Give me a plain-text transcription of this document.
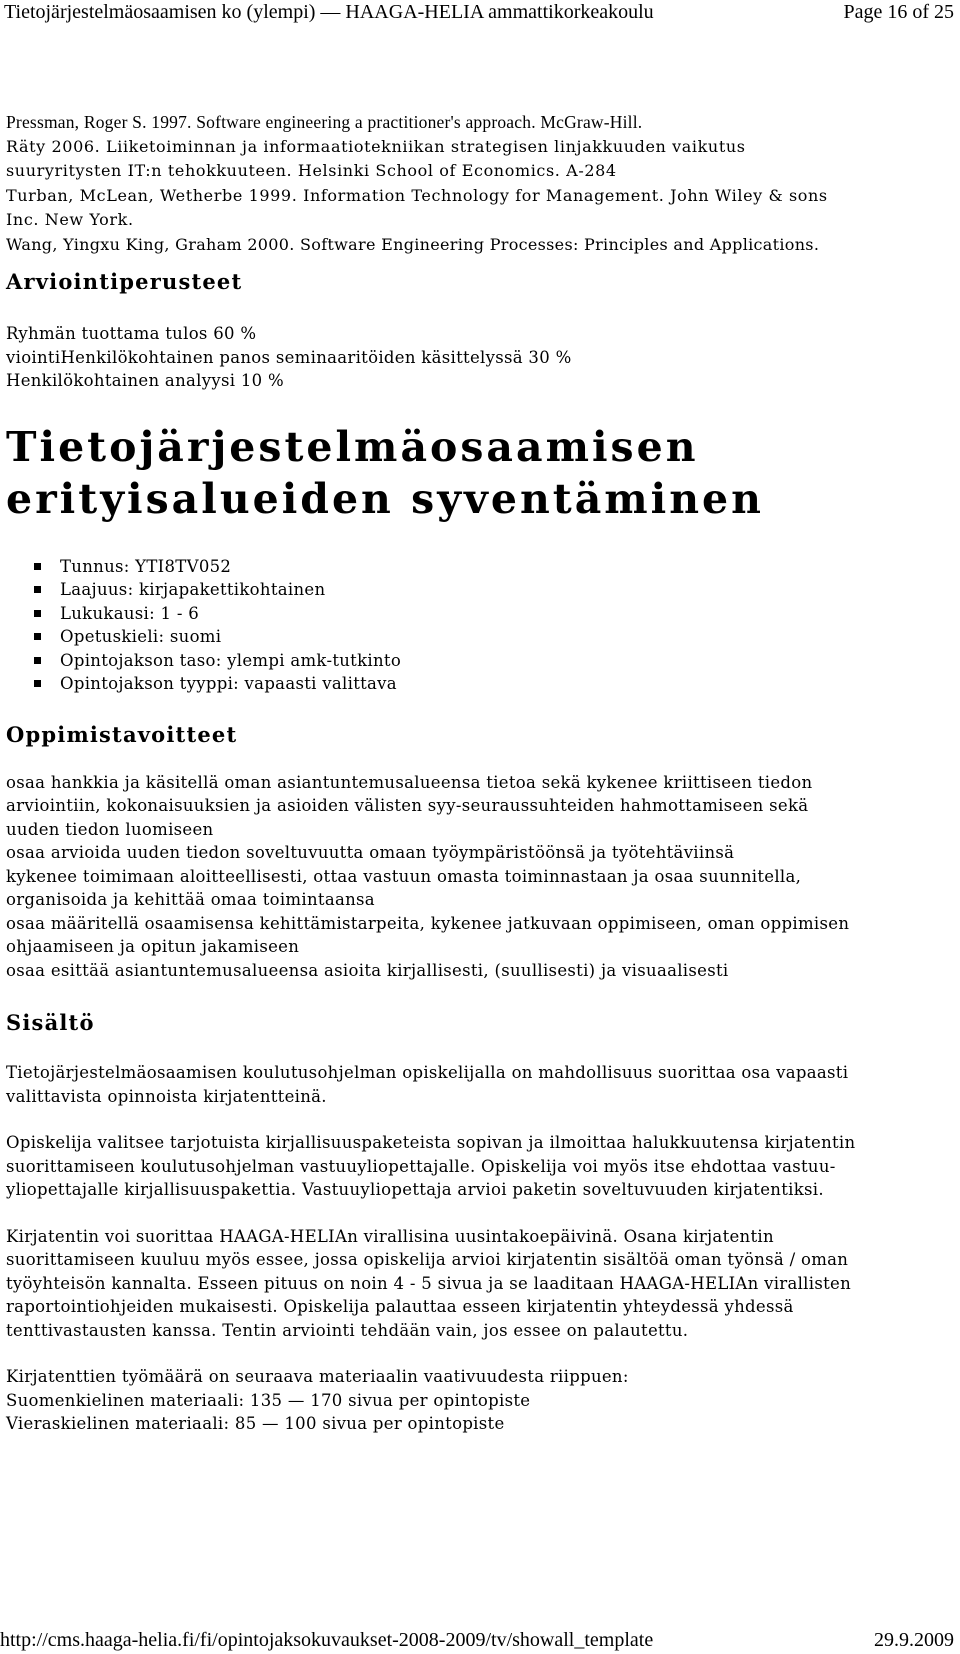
Tietojärjestelmäosaamisen ko (ylempi) — HAAGA-HELIA ammattikorkeakoulu	Page 16 of 25
Pressman, Roger S. 1997. Software engineering a practitioner's approach. McGraw-Hill.
Räty 2006. Liiketoiminnan ja informaatiotekniikan strategisen linjakkuuden vaikutus
suuryritysten IT:n tehokkuuteen. Helsinki School of Economics. A-284
Turban, McLean, Wetherbe 1999. Information Technology for Management. John Wiley & sons
Inc. New York.
Wang, Yingxu King, Graham 2000. Software Engineering Processes: Principles and Applications.
Arviointiperusteet
Ryhmän tuottama tulos 60 %
viointiHenkilökohtainen panos seminaaritöiden käsittelyssä 30 %
Henkilökohtainen analyysi 10 %
Tietojärjestelmäosaamisen
erityisalueiden syventäminen
Tunnus: YTI8TV052
Laajuus: kirjapakettikohtainen
Lukukausi: 1 - 6
Opetuskieli: suomi
Opintojakson taso: ylempi amk-tutkinto
Opintojakson tyyppi: vapaasti valittava
Oppimistavoitteet
osaa hankkia ja käsitellä oman asiantuntemusalueensa tietoa sekä kykenee kriittiseen tiedon
arviointiin, kokonaisuuksien ja asioiden välisten syy-seuraussuhteiden hahmottamiseen sekä
uuden tiedon luomiseen
osaa arvioida uuden tiedon soveltuvuutta omaan työympäristöönsä ja työtehtäviinsä
kykenee toimimaan aloitteellisesti, ottaa vastuun omasta toiminnastaan ja osaa suunnitella,
organisoida ja kehittää omaa toimintaansa
osaa määritellä osaamisensa kehittämistarpeita, kykenee jatkuvaan oppimiseen, oman oppimisen
ohjaamiseen ja opitun jakamiseen
osaa esittää asiantuntemusalueensa asioita kirjallisesti, (suullisesti) ja visuaalisesti
Sisältö

Tietojärjestelmäosaamisen koulutusohjelman opiskelijalla on mahdollisuus suorittaa osa vapaasti
valittavista opinnoista kirjatentteinä.

Opiskelija valitsee tarjotuista kirjallisuuspaketeista sopivan ja ilmoittaa halukkuutensa kirjatentin
suorittamiseen koulutusohjelman vastuuyliopettajalle. Opiskelija voi myös itse ehdottaa vastuu-
yliopettajalle kirjallisuuspakettia. Vastuuyliopettaja arvioi paketin soveltuvuuden kirjatentiksi.

Kirjatentin voi suorittaa HAAGA-HELIAn virallisina uusintakoepäivinä. Osana kirjatentin
suorittamiseen kuuluu myös essee, jossa opiskelija arvioi kirjatentin sisältöä oman työnsä / oman
työyhteisön kannalta. Esseen pituus on noin 4 - 5 sivua ja se laaditaan HAAGA-HELIAn virallisten
raportointiohjeiden mukaisesti. Opiskelija palauttaa esseen kirjatentin yhteydessä yhdessä
tenttivastausten kanssa. Tentin arviointi tehdään vain, jos essee on palautettu.

Kirjatenttien työmäärä on seuraava materiaalin vaativuudesta riippuen:
Suomenkielinen materiaali: 135 — 170 sivua per opintopiste
Vieraskielinen materiaali: 85 — 100 sivua per opintopiste

http://cms.haaga-helia.fi/fi/opintojaksokuvaukset-2008-2009/tv/showall_template	29.9.2009
